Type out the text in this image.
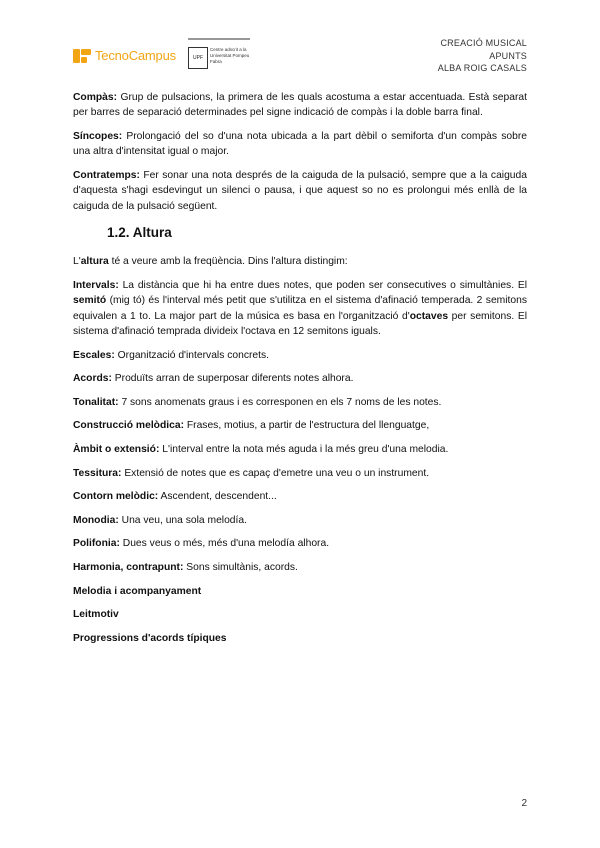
TecnoCampus	UPF
Centre adscrit a la Universitat Pompeu Fabra
CREACIÓ MUSICAL
APUNTS
ALBA ROIG CASALS

Compàs: Grup de pulsacions, la primera de les quals acostuma a estar accentuada. Està separat per barres de separació determinades pel signe indicació de compàs i la doble barra final.

Síncopes: Prolongació del so d'una nota ubicada a la part dèbil o semiforta d'un compàs sobre una altra d'intensitat igual o major.

Contratemps: Fer sonar una nota després de la caiguda de la pulsació, sempre que a la caiguda d'aquesta s'hagi esdevingut un silenci o pausa, i que aquest so no es prolongui més enllà de la caiguda de la pulsació següent.

1.2. Altura

L'altura té a veure amb la freqüència. Dins l'altura distingim:

Intervals: La distància que hi ha entre dues notes, que poden ser consecutives o simultànies. El semitó (mig tó) és l'interval més petit que s'utilitza en el sistema d'afinació temperada. 2 semitons equivalen a 1 to. La major part de la música es basa en l'organització d'octaves per semitons. El sistema d'afinació temprada divideix l'octava en 12 semitons iguals.

Escales: Organització d'intervals concrets.

Acords: Produïts arran de superposar diferents notes alhora.

Tonalitat: 7 sons anomenats graus i es corresponen en els 7 noms de les notes.

Construcció melòdica: Frases, motius, a partir de l'estructura del llenguatge,

Àmbit o extensió: L'interval entre la nota més aguda i la més greu d'una melodia.

Tessitura: Extensió de notes que es capaç d'emetre una veu o un instrument.

Contorn melòdic: Ascendent, descendent...

Monodia: Una veu, una sola melodía.

Polifonia: Dues veus o més, més d'una melodía alhora.

Harmonia, contrapunt: Sons simultànis, acords.

Melodia i acompanyament

Leitmotiv

Progressions d'acords típiques

2
